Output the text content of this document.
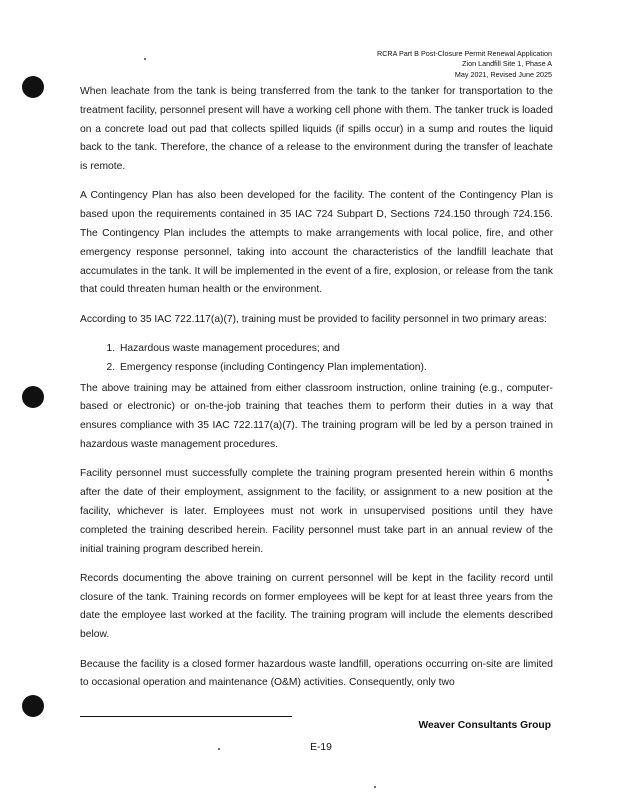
RCRA Part B Post-Closure Permit Renewal Application
Zion Landfill Site 1, Phase A
May 2021, Revised June 2025

When leachate from the tank is being transferred from the tank to the tanker for transportation to the treatment facility, personnel present will have a working cell phone with them. The tanker truck is loaded on a concrete load out pad that collects spilled liquids (if spills occur) in a sump and routes the liquid back to the tank. Therefore, the chance of a release to the environment during the transfer of leachate is remote.

A Contingency Plan has also been developed for the facility. The content of the Contingency Plan is based upon the requirements contained in 35 IAC 724 Subpart D, Sections 724.150 through 724.156. The Contingency Plan includes the attempts to make arrangements with local police, fire, and other emergency response personnel, taking into account the characteristics of the landfill leachate that accumulates in the tank. It will be implemented in the event of a fire, explosion, or release from the tank that could threaten human health or the environment.

According to 35 IAC 722.117(a)(7), training must be provided to facility personnel in two primary areas:

1. Hazardous waste management procedures; and
2. Emergency response (including Contingency Plan implementation).

The above training may be attained from either classroom instruction, online training (e.g., computer-based or electronic) or on-the-job training that teaches them to perform their duties in a way that ensures compliance with 35 IAC 722.117(a)(7). The training program will be led by a person trained in hazardous waste management procedures.

Facility personnel must successfully complete the training program presented herein within 6 months after the date of their employment, assignment to the facility, or assignment to a new position at the facility, whichever is later. Employees must not work in unsupervised positions until they have completed the training described herein. Facility personnel must take part in an annual review of the initial training program described herein.

Records documenting the above training on current personnel will be kept in the facility record until closure of the tank. Training records on former employees will be kept for at least three years from the date the employee last worked at the facility. The training program will include the elements described below.

Because the facility is a closed former hazardous waste landfill, operations occurring on-site are limited to occasional operation and maintenance (O&M) activities. Consequently, only two

Weaver Consultants Group
E-19
